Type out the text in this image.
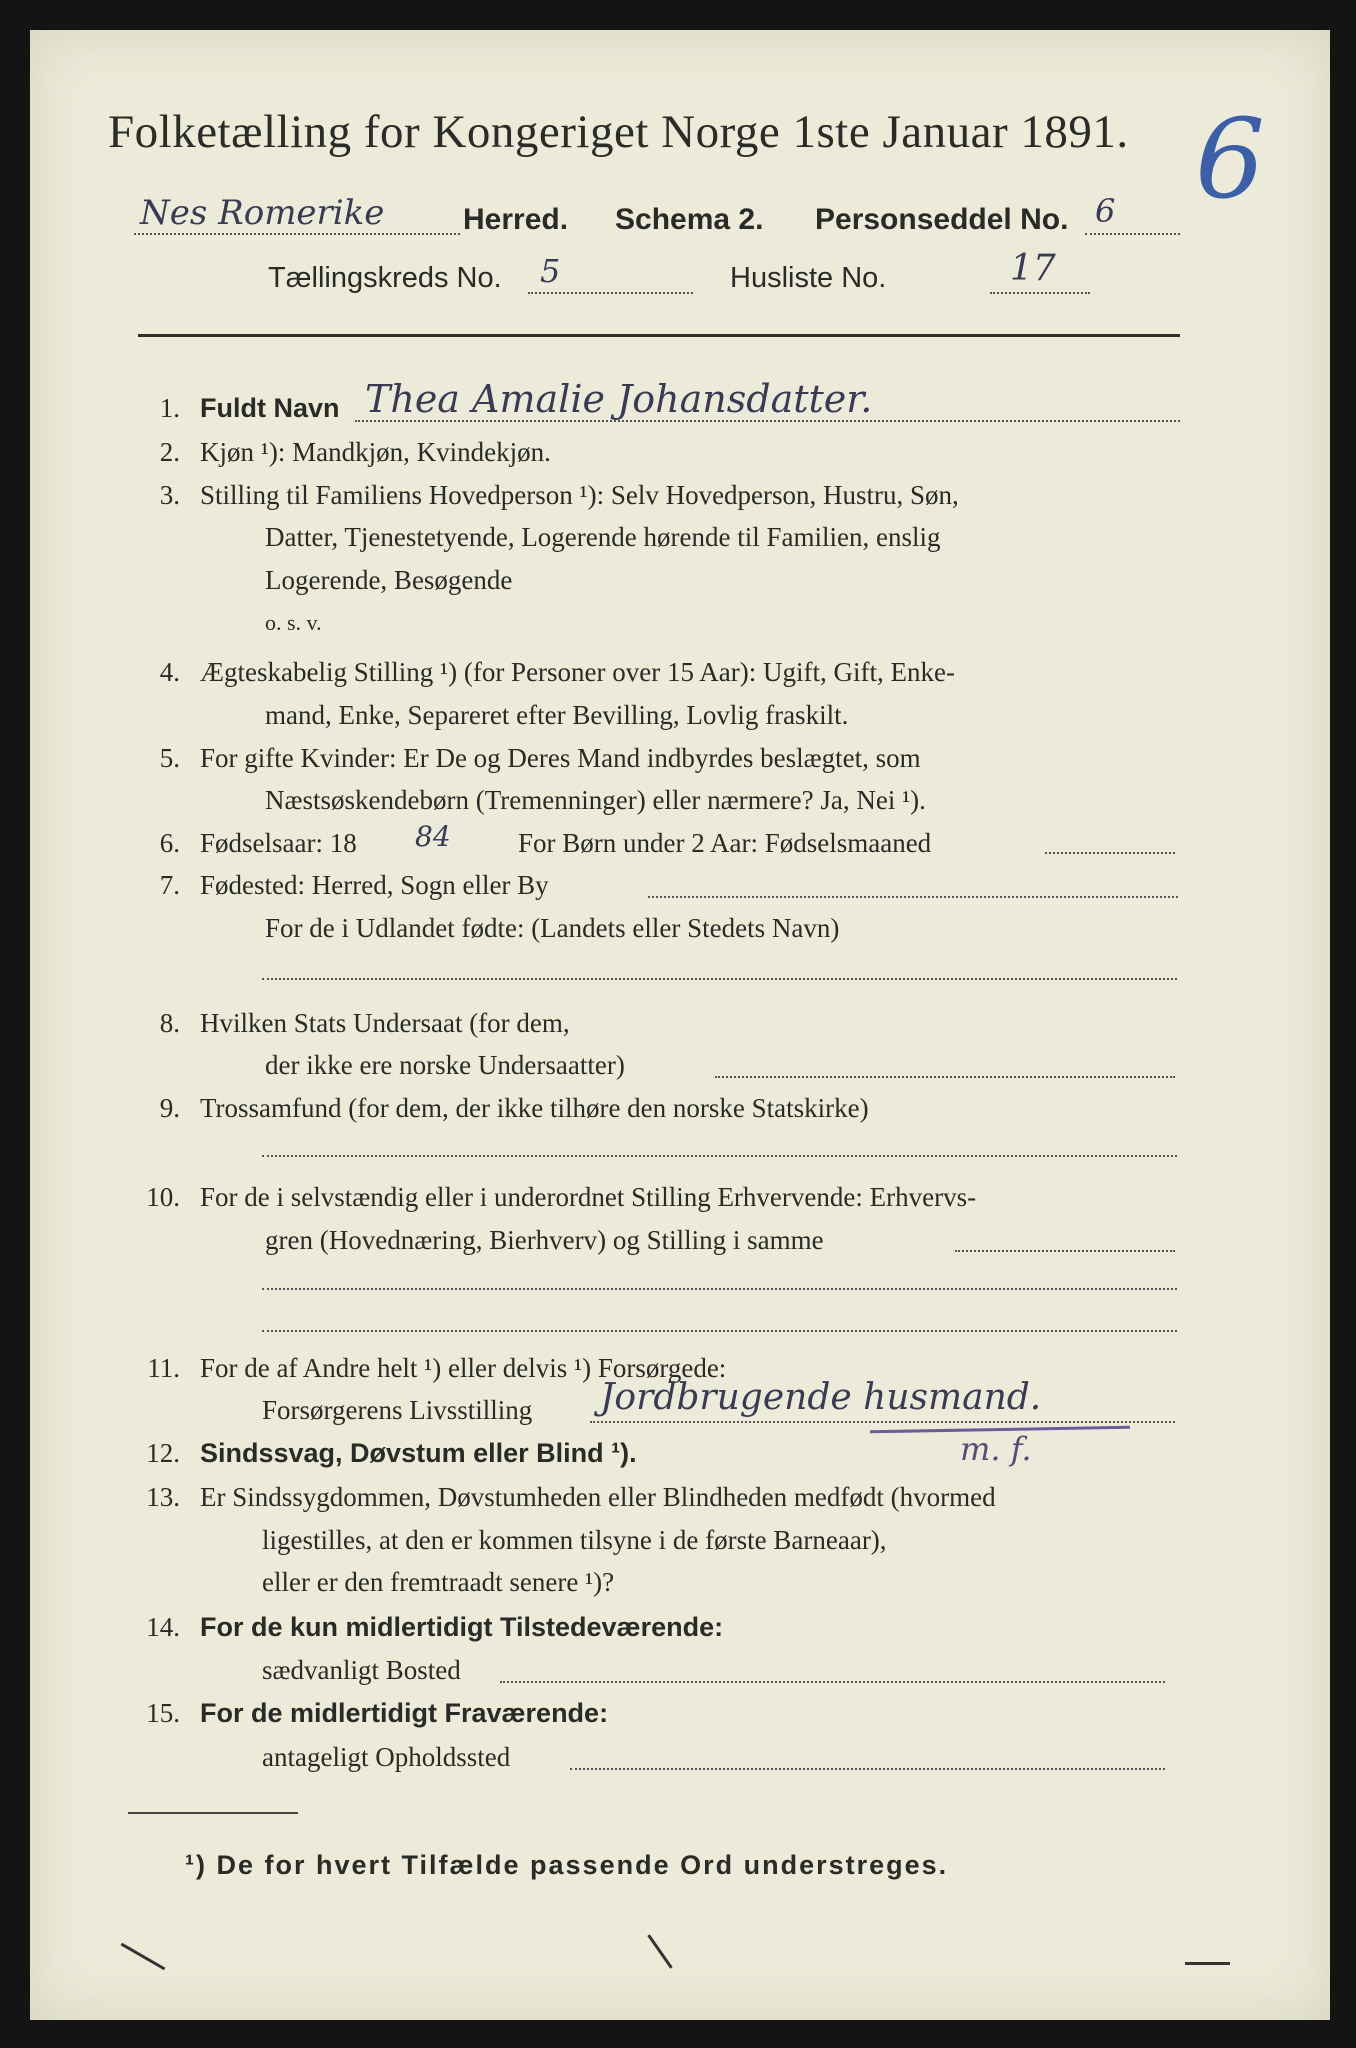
Folketælling for Kongeriget Norge 1ste Januar 1891. 6
Nes Romerike	Herred. Schema 2. Personseddel No. 6
Tællingskreds No. 5	Husliste No.	17
1. Fuldt Navn Thea Amalie Johansdatter.
2. Kjøn ¹): Mandkjøn, Kvindekjøn.
3. Stilling til Familiens Hovedperson ¹): Selv Hovedperson, Hustru, Søn,
Datter, Tjenestetyende, Logerende hørende til Familien, enslig
Logerende, Besøgende
o. s. v.
4. Ægteskabelig Stilling ¹) (for Personer over 15 Aar): Ugift, Gift, Enke-
mand, Enke, Separeret efter Bevilling, Lovlig fraskilt.
5. For gifte Kvinder: Er De og Deres Mand indbyrdes beslægtet, som
Næstsøskendebørn (Tremenninger) eller nærmere? Ja, Nei ¹).
6. Fødselsaar: 18 84 For Børn under 2 Aar: Fødselsmaaned
7. Fødested: Herred, Sogn eller By
For de i Udlandet fødte: (Landets eller Stedets Navn)
8. Hvilken Stats Undersaat (for dem,
der ikke ere norske Undersaatter)
9. Trossamfund (for dem, der ikke tilhøre den norske Statskirke)
10. For de i selvstændig eller i underordnet Stilling Erhvervende: Erhvervs-
gren (Hovednæring, Bierhverv) og Stilling i samme
11. For de af Andre helt ¹) eller delvis ¹) Forsørgede:
Forsørgerens Livsstilling Jordbrugende husmand.
12. Sindssvag, Døvstum eller Blind ¹).	m. f.
13. Er Sindssygdommen, Døvstumheden eller Blindheden medfødt (hvormed
ligestilles, at den er kommen tilsyne i de første Barneaar),
eller er den fremtraadt senere ¹)?
14. For de kun midlertidigt Tilstedeværende:
sædvanligt Bosted
15. For de midlertidigt Fraværende:
antageligt Opholdssted
¹) De for hvert Tilfælde passende Ord understreges.
